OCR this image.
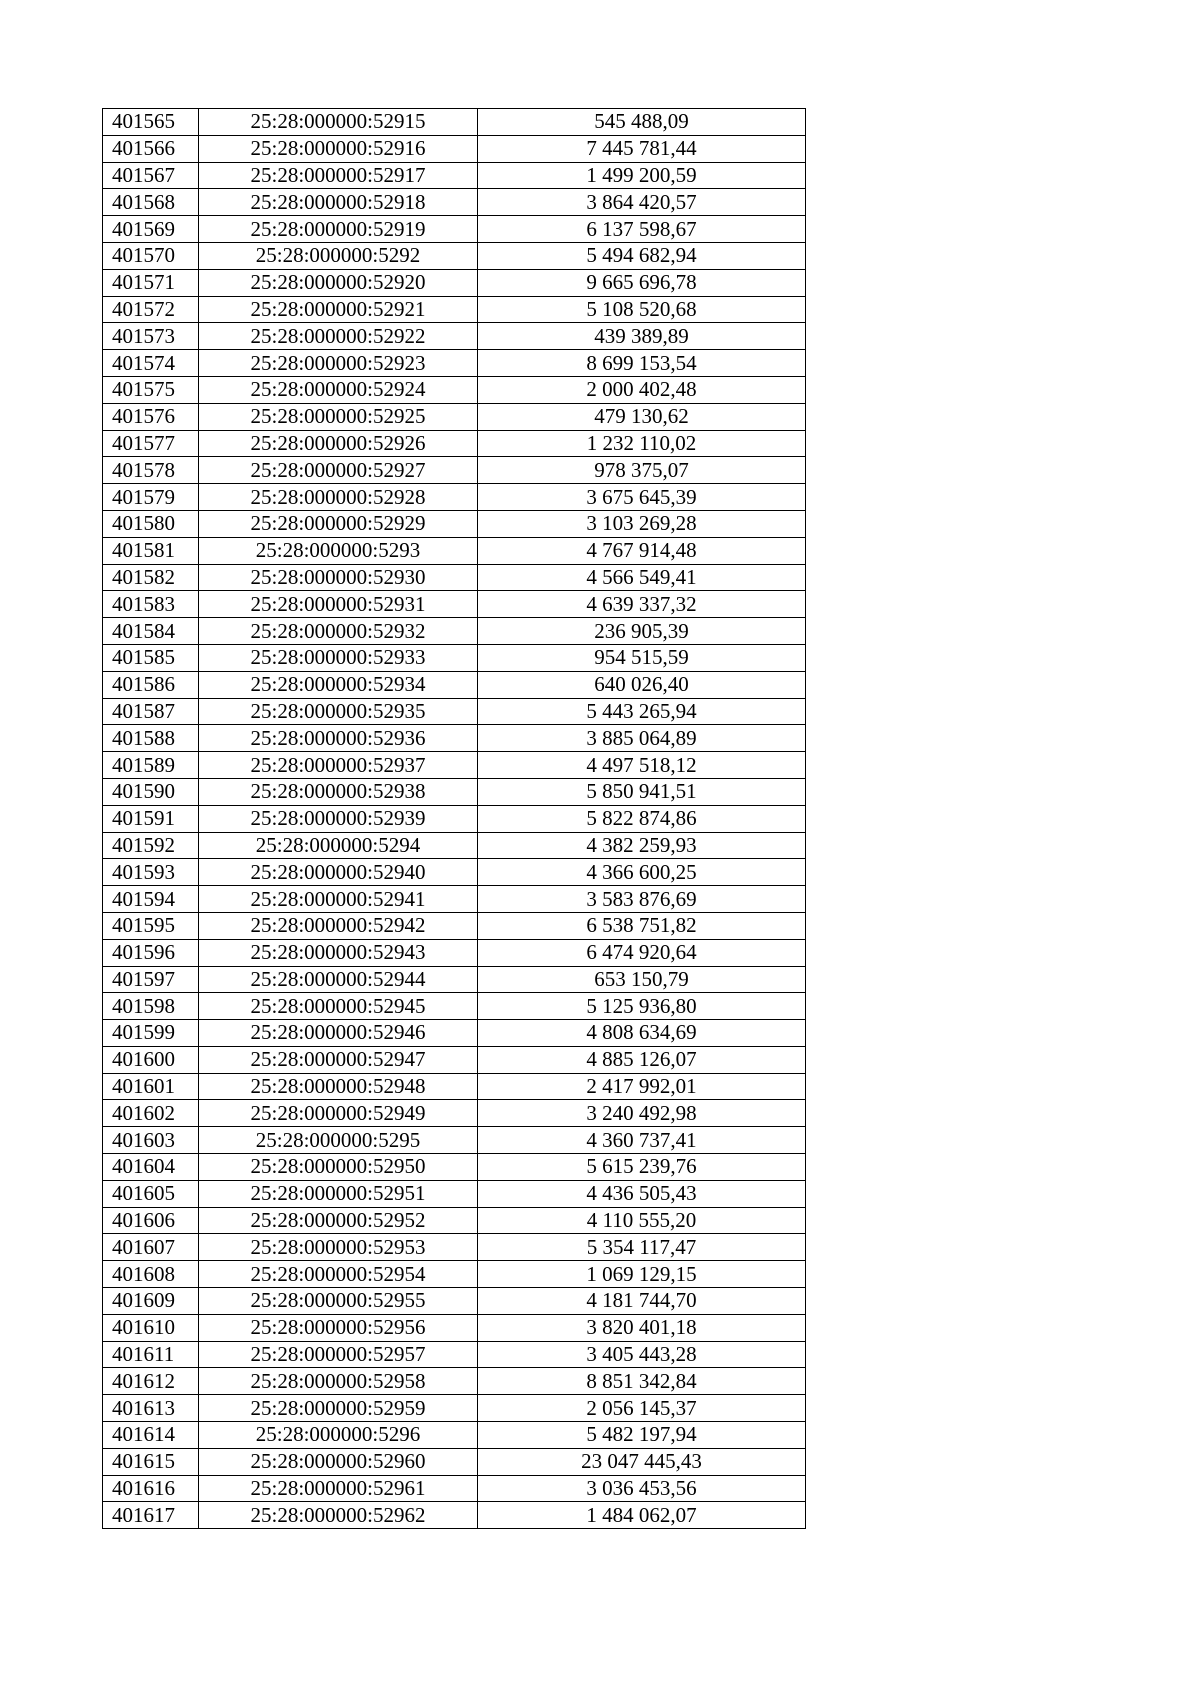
401565	25:28:000000:52915	545 488,09
401566	25:28:000000:52916	7 445 781,44
401567	25:28:000000:52917	1 499 200,59
401568	25:28:000000:52918	3 864 420,57
401569	25:28:000000:52919	6 137 598,67
401570	25:28:000000:5292	5 494 682,94
401571	25:28:000000:52920	9 665 696,78
401572	25:28:000000:52921	5 108 520,68
401573	25:28:000000:52922	439 389,89
401574	25:28:000000:52923	8 699 153,54
401575	25:28:000000:52924	2 000 402,48
401576	25:28:000000:52925	479 130,62
401577	25:28:000000:52926	1 232 110,02
401578	25:28:000000:52927	978 375,07
401579	25:28:000000:52928	3 675 645,39
401580	25:28:000000:52929	3 103 269,28
401581	25:28:000000:5293	4 767 914,48
401582	25:28:000000:52930	4 566 549,41
401583	25:28:000000:52931	4 639 337,32
401584	25:28:000000:52932	236 905,39
401585	25:28:000000:52933	954 515,59
401586	25:28:000000:52934	640 026,40
401587	25:28:000000:52935	5 443 265,94
401588	25:28:000000:52936	3 885 064,89
401589	25:28:000000:52937	4 497 518,12
401590	25:28:000000:52938	5 850 941,51
401591	25:28:000000:52939	5 822 874,86
401592	25:28:000000:5294	4 382 259,93
401593	25:28:000000:52940	4 366 600,25
401594	25:28:000000:52941	3 583 876,69
401595	25:28:000000:52942	6 538 751,82
401596	25:28:000000:52943	6 474 920,64
401597	25:28:000000:52944	653 150,79
401598	25:28:000000:52945	5 125 936,80
401599	25:28:000000:52946	4 808 634,69
401600	25:28:000000:52947	4 885 126,07
401601	25:28:000000:52948	2 417 992,01
401602	25:28:000000:52949	3 240 492,98
401603	25:28:000000:5295	4 360 737,41
401604	25:28:000000:52950	5 615 239,76
401605	25:28:000000:52951	4 436 505,43
401606	25:28:000000:52952	4 110 555,20
401607	25:28:000000:52953	5 354 117,47
401608	25:28:000000:52954	1 069 129,15
401609	25:28:000000:52955	4 181 744,70
401610	25:28:000000:52956	3 820 401,18
401611	25:28:000000:52957	3 405 443,28
401612	25:28:000000:52958	8 851 342,84
401613	25:28:000000:52959	2 056 145,37
401614	25:28:000000:5296	5 482 197,94
401615	25:28:000000:52960	23 047 445,43
401616	25:28:000000:52961	3 036 453,56
401617	25:28:000000:52962	1 484 062,07
